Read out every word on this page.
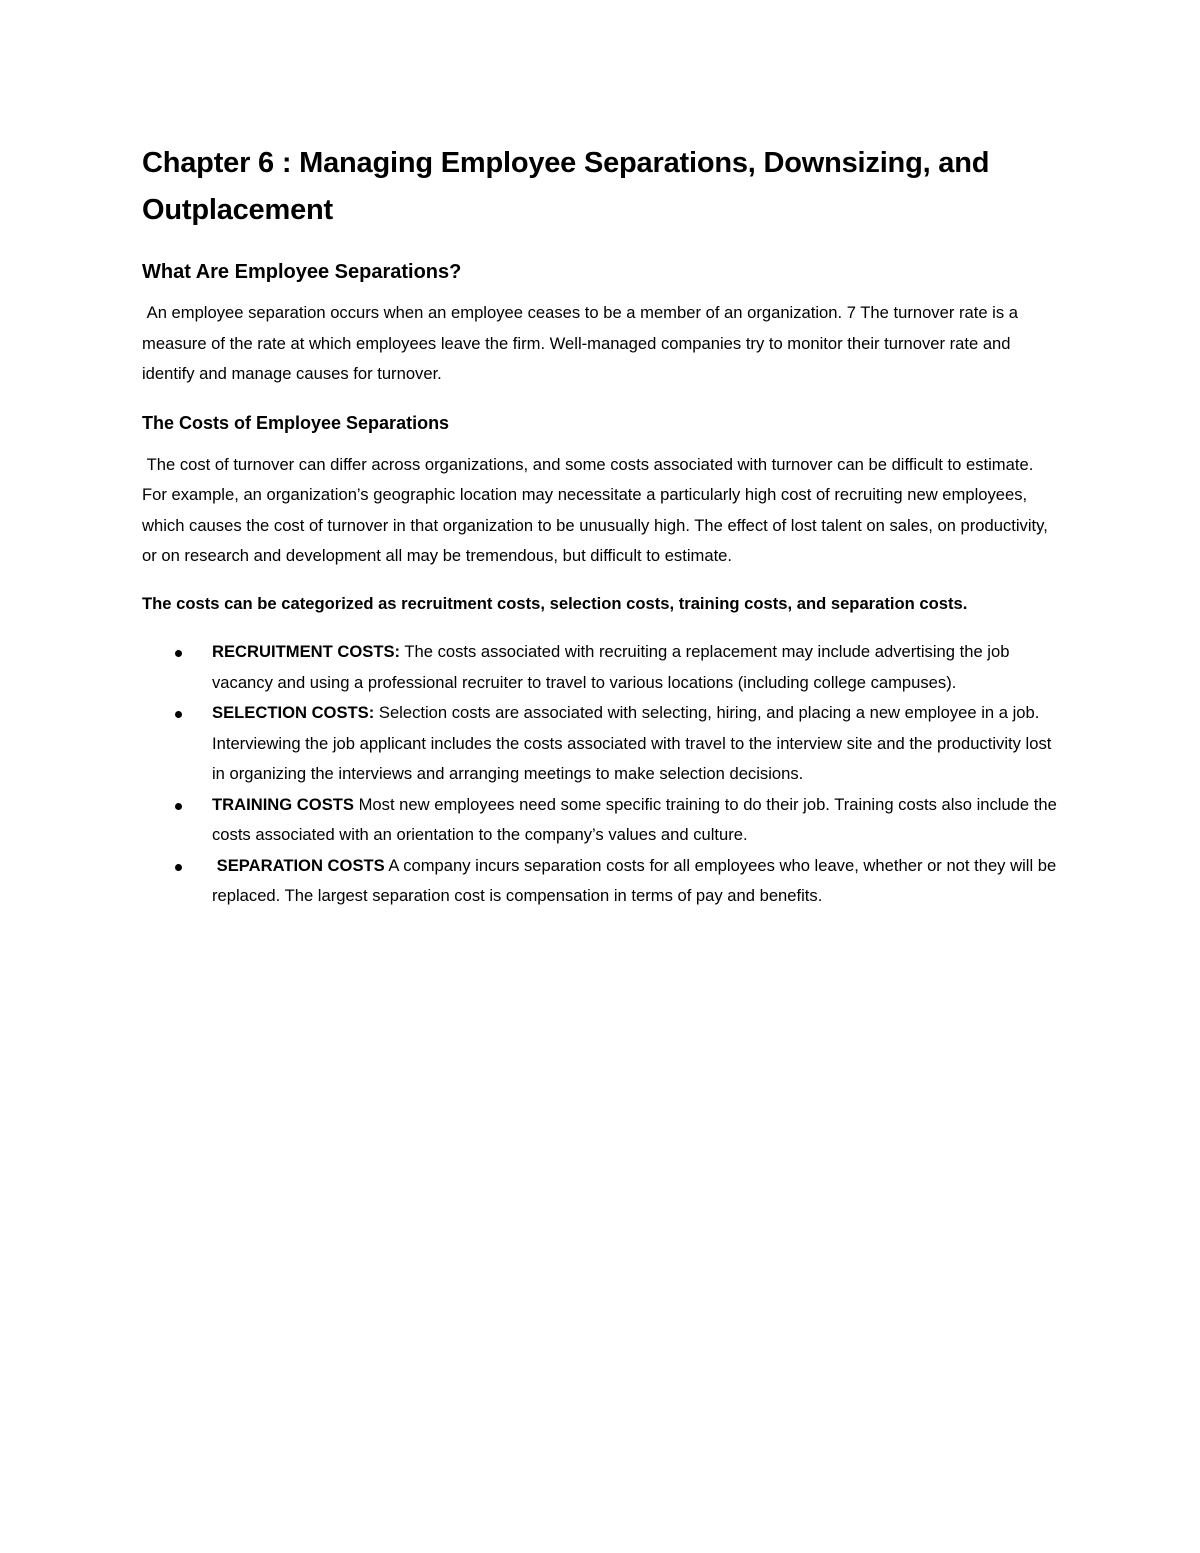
Chapter 6 : Managing Employee Separations, Downsizing, and Outplacement
What Are Employee Separations?

An employee separation occurs when an employee ceases to be a member of an organization. 7 The turnover rate is a measure of the rate at which employees leave the firm. Well-managed companies try to monitor their turnover rate and identify and manage causes for turnover.

The Costs of Employee Separations

The cost of turnover can differ across organizations, and some costs associated with turnover can be difficult to estimate. For example, an organization’s geographic location may necessitate a particularly high cost of recruiting new employees, which causes the cost of turnover in that organization to be unusually high. The effect of lost talent on sales, on productivity, or on research and development all may be tremendous, but difficult to estimate.

The costs can be categorized as recruitment costs, selection costs, training costs, and separation costs.

RECRUITMENT COSTS: The costs associated with recruiting a replacement may include advertising the job vacancy and using a professional recruiter to travel to various locations (including college campuses).
SELECTION COSTS: Selection costs are associated with selecting, hiring, and placing a new employee in a job. Interviewing the job applicant includes the costs associated with travel to the interview site and the productivity lost in organizing the interviews and arranging meetings to make selection decisions.
TRAINING COSTS Most new employees need some specific training to do their job. Training costs also include the costs associated with an orientation to the company’s values and culture.
SEPARATION COSTS A company incurs separation costs for all employees who leave, whether or not they will be replaced. The largest separation cost is compensation in terms of pay and benefits.
